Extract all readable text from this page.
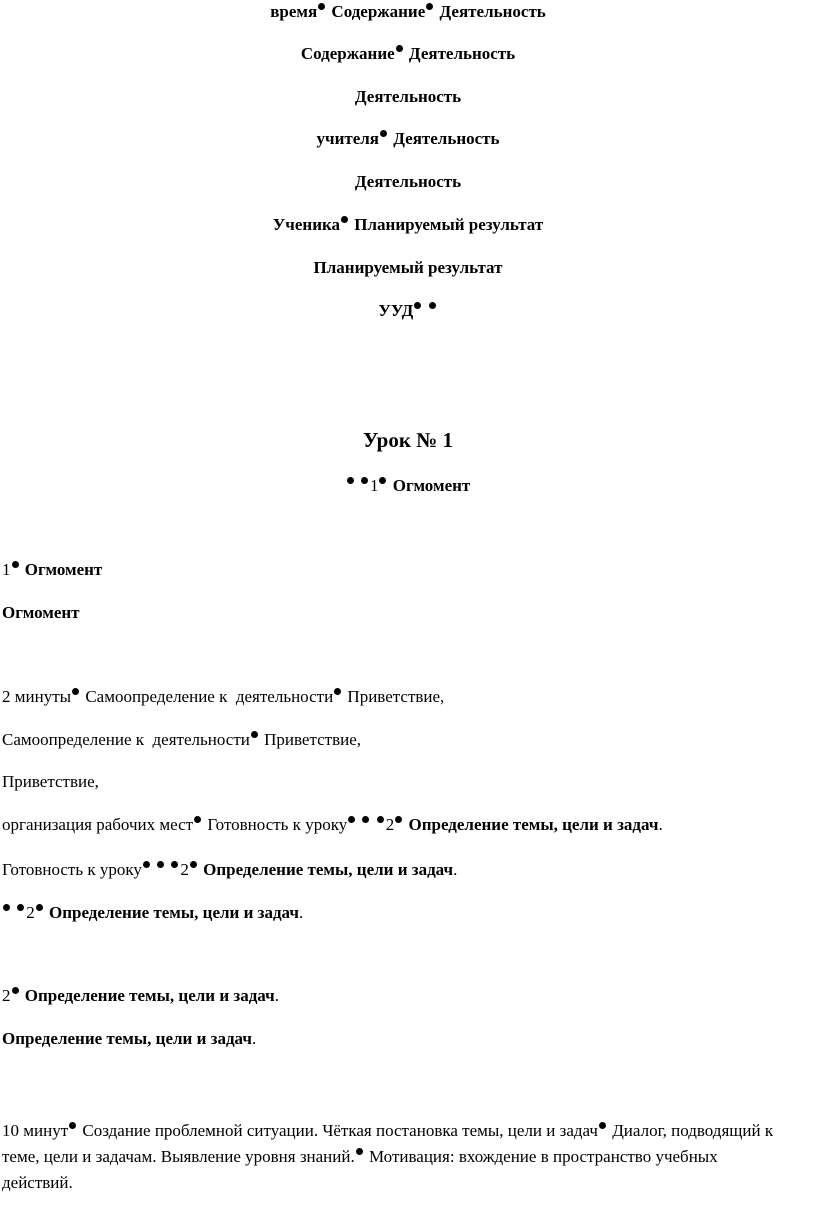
время Содержание Деятельность
Содержание Деятельность
Деятельность
учителя Деятельность
Деятельность
Ученика Планируемый результат
Планируемый результат
УУД
Урок № 1
1 Огмомент
1 Огмомент
Огмомент
2 минуты Самоопределение к  деятельности Приветствие,
Самоопределение к  деятельности Приветствие,
Приветствие,
организация рабочих мест Готовность к уроку 2 Определение темы, цели и задач.
Готовность к уроку 2 Определение темы, цели и задач.
2 Определение темы, цели и задач.
2 Определение темы, цели и задач.
Определение темы, цели и задач.
10 минут Создание проблемной ситуации. Чёткая постановка темы, цели и задач Диалог, подводящий к теме, цели и задачам. Выявление уровня знаний. Мотивация: вхождение в пространство учебных действий.
